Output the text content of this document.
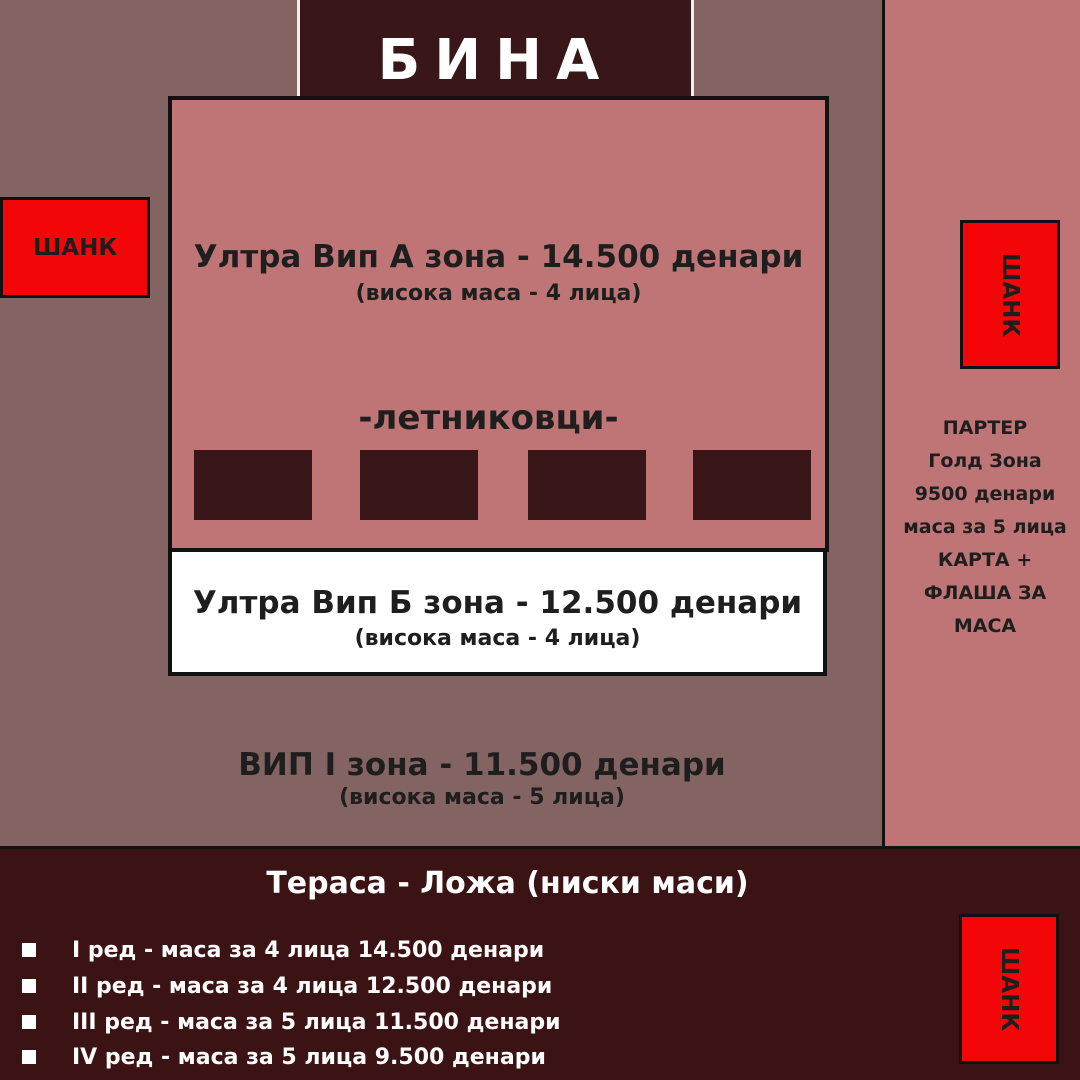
БИНА
Ултра Вип А зона - 14.500 денари
(висока маса - 4 лица)
-летниковци-
Ултра Вип Б зона - 12.500 денари
(висока маса - 4 лица)
ВИП I зона - 11.500 денари
(висока маса - 5 лица)
ШАНК
ШАНК
ШАНК
ПАРТЕР
Голд Зона
9500 денари
маса за 5 лица
КАРТА +
ФЛАША ЗА
МАСА
Тераса - Ложа (ниски маси)
I ред - маса за 4 лица 14.500 денари
II ред - маса за 4 лица 12.500 денари
III ред - маса за 5 лица 11.500 денари
IV ред - маса за 5 лица 9.500 денари
